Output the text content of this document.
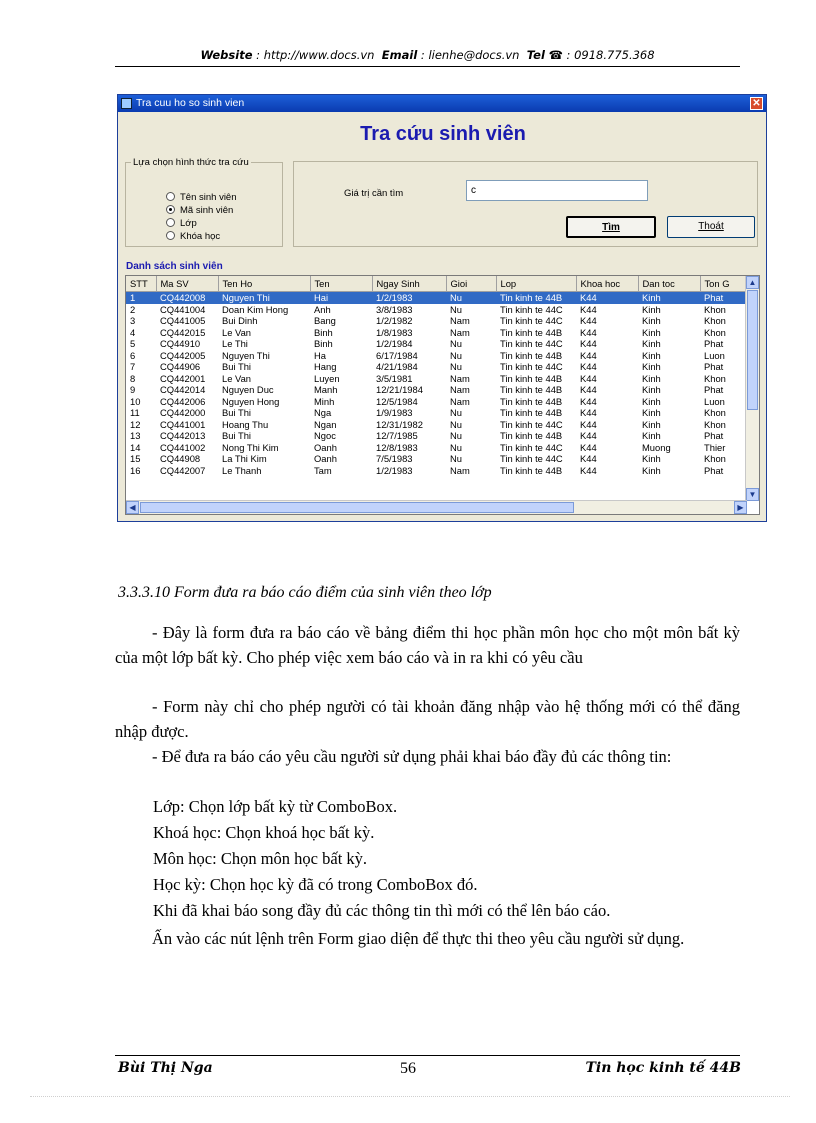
Website : http://www.docs.vn Email : lienhe@docs.vn Tel ☎ : 0918.775.368
Tra cuu ho so sinh vien	✕
Tra cứu sinh viên
Lựa chọn hình thức tra cứu
Tên sinh viên
Mã sinh viên
Lớp
Khóa học
Giá trị cần tìm
c
Tìm	Thoát
Danh sách sinh viên
STT	Ma SV	Ten Ho	Ten	Ngay Sinh	Gioi	Lop	Khoa hoc	Dan toc	Ton G
1	CQ442008	Nguyen Thi	Hai	1/2/1983	Nu	Tin kinh te 44B	K44	Kinh	Phat
2	CQ441004	Doan Kim Hong	Anh	3/8/1983	Nu	Tin kinh te 44C	K44	Kinh	Khon
3	CQ441005	Bui Dinh	Bang	1/2/1982	Nam	Tin kinh te 44C	K44	Kinh	Khon
4	CQ442015	Le Van	Binh	1/8/1983	Nam	Tin kinh te 44B	K44	Kinh	Khon
5	CQ44910	Le Thi	Binh	1/2/1984	Nu	Tin kinh te 44C	K44	Kinh	Phat
6	CQ442005	Nguyen Thi	Ha	6/17/1984	Nu	Tin kinh te 44B	K44	Kinh	Luon
7	CQ44906	Bui Thi	Hang	4/21/1984	Nu	Tin kinh te 44C	K44	Kinh	Phat
8	CQ442001	Le Van	Luyen	3/5/1981	Nam	Tin kinh te 44B	K44	Kinh	Khon
9	CQ442014	Nguyen Duc	Manh	12/21/1984	Nam	Tin kinh te 44B	K44	Kinh	Phat
10	CQ442006	Nguyen Hong	Minh	12/5/1984	Nam	Tin kinh te 44B	K44	Kinh	Luon
11	CQ442000	Bui Thi	Nga	1/9/1983	Nu	Tin kinh te 44B	K44	Kinh	Khon
12	CQ441001	Hoang Thu	Ngan	12/31/1982	Nu	Tin kinh te 44C	K44	Kinh	Khon
13	CQ442013	Bui Thi	Ngoc	12/7/1985	Nu	Tin kinh te 44B	K44	Kinh	Phat
14	CQ441002	Nong Thi Kim	Oanh	12/8/1983	Nu	Tin kinh te 44C	K44	Muong	Thier
15	CQ44908	La Thi Kim	Oanh	7/5/1983	Nu	Tin kinh te 44C	K44	Kinh	Khon
16	CQ442007	Le Thanh	Tam	1/2/1983	Nam	Tin kinh te 44B	K44	Kinh	Phat
▲
▼
◀	▶
3.3.3.10 Form đưa ra báo cáo điểm của sinh viên theo lớp

- Đây là form đưa ra báo cáo về bảng điểm thi học phần môn học cho một môn bất kỳ của một lớp bất kỳ. Cho phép việc xem báo cáo và in ra khi có yêu cầu

- Form này chỉ cho phép người có tài khoản đăng nhập vào hệ thống mới có thể đăng nhập được.

- Để đưa ra báo cáo yêu cầu người sử dụng phải khai báo đầy đủ các thông tin:

Lớp: Chọn lớp bất kỳ từ ComboBox.

Khoá học: Chọn khoá học bất kỳ.

Môn học: Chọn môn học bất kỳ.

Học kỳ: Chọn học kỳ đã có trong ComboBox đó.

Khi đã khai báo song đầy đủ các thông tin thì mới có thể lên báo cáo.

Ấn vào các nút lệnh trên Form giao diện để thực thi theo yêu cầu người sử dụng.

Bùi Thị Nga	56	Tin học kinh tế 44B
